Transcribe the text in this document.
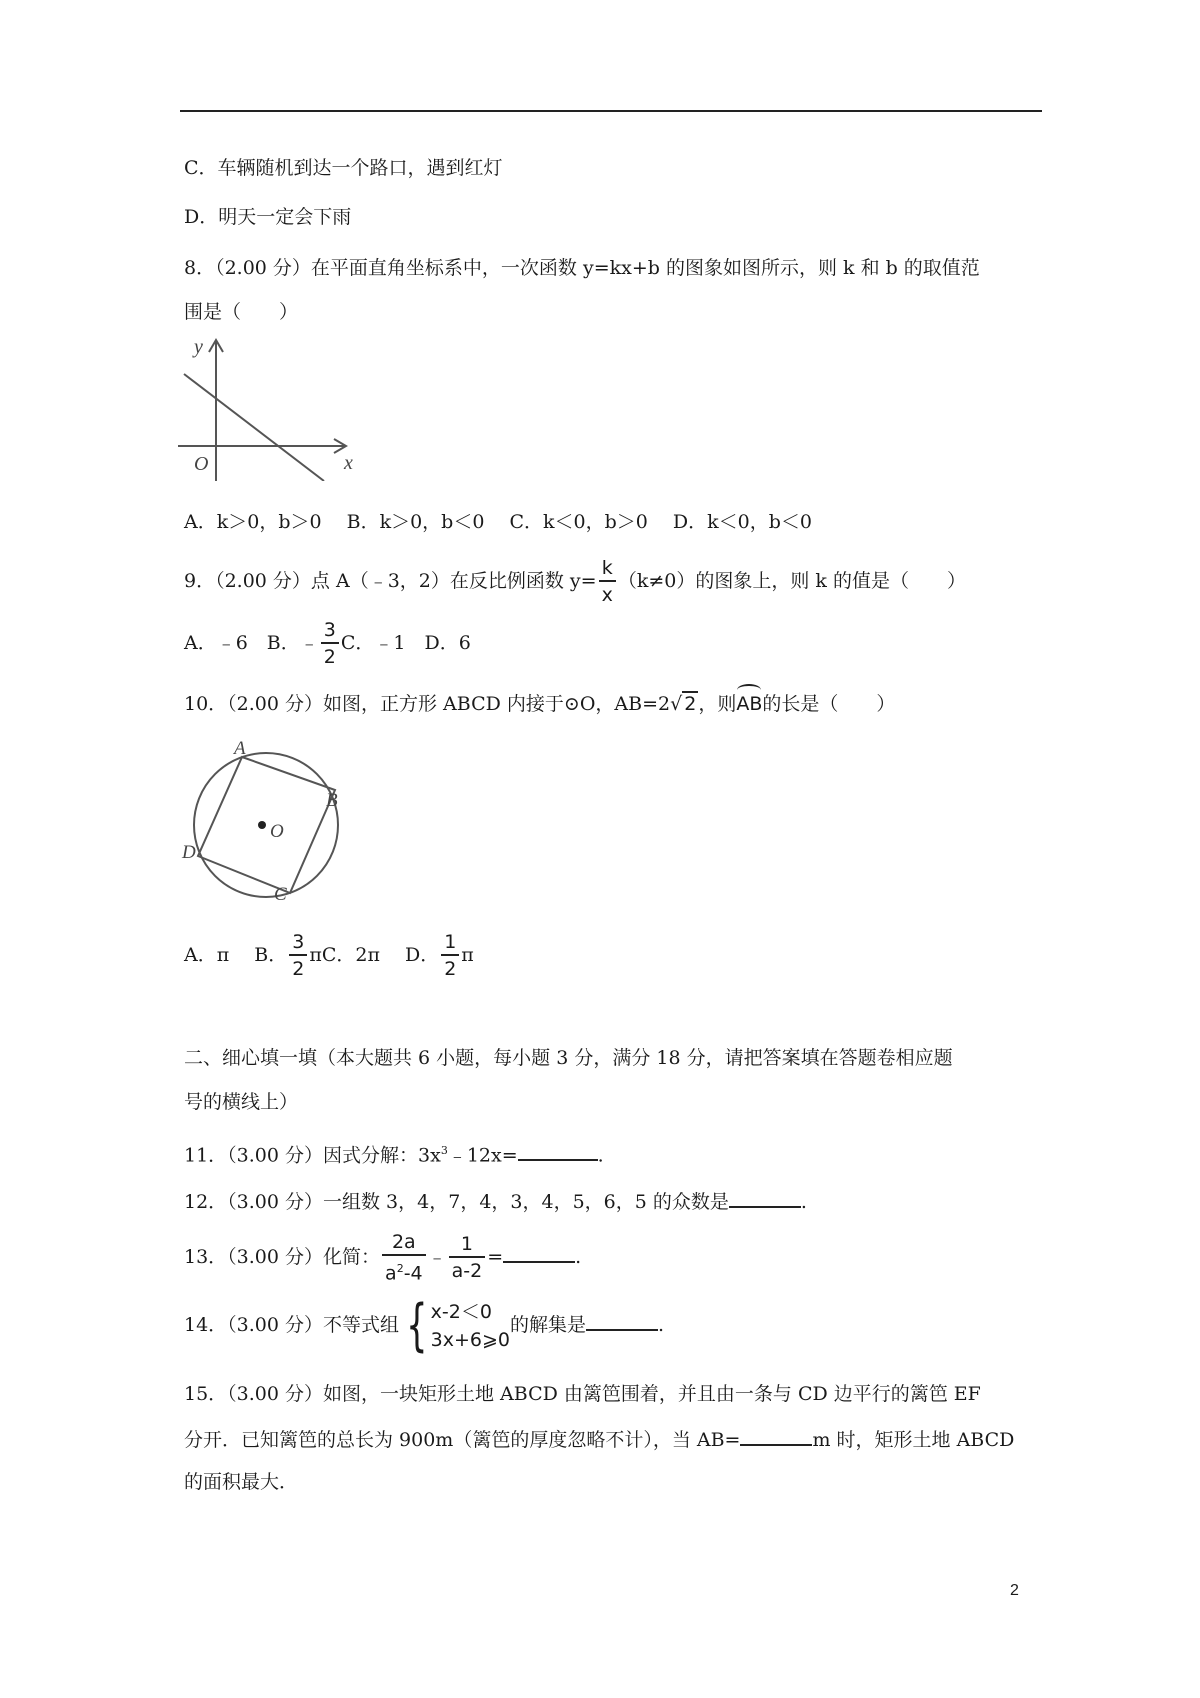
C．车辆随机到达一个路口，遇到红灯
D．明天一定会下雨
8．（2.00 分）在平面直角坐标系中，一次函数 y=kx+b 的图象如图所示，则 k 和 b 的取值范
围是（　　）
y
x
O
A．k＞0，b＞0　 B．k＞0，b＜0　 C．k＜0，b＞0　 D．k＜0，b＜0
9．（2.00 分）点 A（﹣3，2）在反比例函数 $y= \frac{k}{x} (k\ne 0)$的图象上，则 k 的值是（　　）
A．﹣6　B．﹣ $\frac{3}{2}$ C．﹣1　D．6
10．（2.00 分）如图，正方形 ABCD 内接于⊙O，AB=2√ 2 ，则AB的长是（　　）
A
B
C
D
O
A．π　 B． $\frac{3}{2}$ πC．2π　 D． $\frac{1}{2}$ π
二、细心填一填（本大题共 6 小题，每小题 3 分，满分 18 分，请把答案填在答题卷相应题
号的横线上）
11．（3.00 分）因式分解：$3x^3﹣12x=$	.
12．（3.00 分）一组数 3，4，7，4，3，4，5，6，5 的众数是	.
13．（3.00 分）化简： $\frac{2a}{a^2-4}$ ﹣ $\frac{1}{a-2}$ =	.
14．（3.00 分）不等式组 { x-2＜0
3x+6⩾0
的解集是	.
15．（3.00 分）如图，一块矩形土地 ABCD 由篱笆围着，并且由一条与 CD 边平行的篱笆 EF
分开．已知篱笆的总长为 900m（篱笆的厚度忽略不计），当 AB=	m 时，矩形土地 ABCD
的面积最大．
2
